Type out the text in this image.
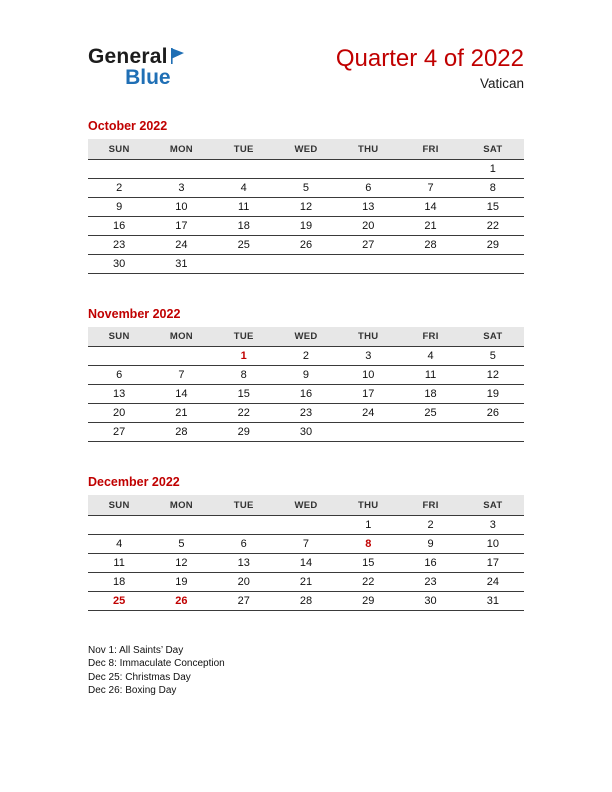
General
Blue
Quarter 4 of 2022
Vatican
October 2022
SUN	MON	TUE	WED	THU	FRI	SAT
						1
2	3	4	5	6	7	8
9	10	11	12	13	14	15
16	17	18	19	20	21	22
23	24	25	26	27	28	29
30	31					
November 2022
SUN	MON	TUE	WED	THU	FRI	SAT
		1	2	3	4	5
6	7	8	9	10	11	12
13	14	15	16	17	18	19
20	21	22	23	24	25	26
27	28	29	30			
December 2022
SUN	MON	TUE	WED	THU	FRI	SAT
				1	2	3
4	5	6	7	8	9	10
11	12	13	14	15	16	17
18	19	20	21	22	23	24
25	26	27	28	29	30	31
Nov 1: All Saints’ Day
Dec 8: Immaculate Conception
Dec 25: Christmas Day
Dec 26: Boxing Day
